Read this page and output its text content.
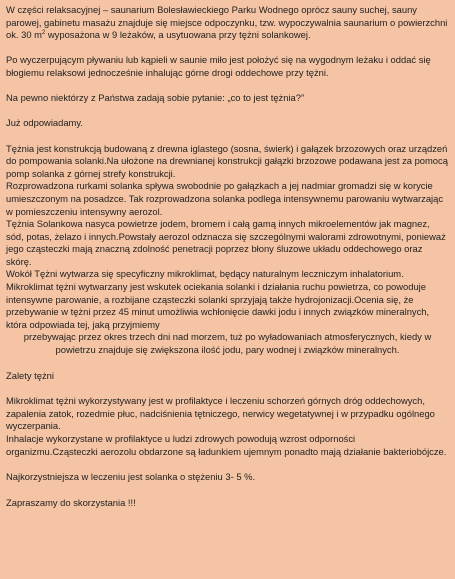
W części relaksacyjnej – saunarium Bolesławieckiego Parku Wodnego oprócz sauny suchej, sauny parowej, gabinetu masażu znajduje się miejsce odpoczynku, tzw. wypoczywalnia saunarium o powierzchni ok. 30 $m^2$ wyposażona w 9 leżaków, a usytuowana przy tężni solankowej.

Po wyczerpującym pływaniu lub kąpieli w saunie miło jest położyć się na wygodnym leżaku i oddać się błogiemu relaksowi jednocześnie inhalując górne drogi oddechowe przy tężni.

Na pewno niektórzy z Państwa zadają sobie pytanie: „co to jest tężnia?”

Już odpowiadamy.

Tężnia jest konstrukcją budowaną z drewna iglastego (sosna, świerk) i gałązek brzozowych oraz urządzeń do pompowania solanki.Na ułożone na drewnianej konstrukcji gałązki brzozowe podawana jest za pomocą pomp solanka z górnej strefy konstrukcji.

Rozprowadzona rurkami solanka spływa swobodnie po gałązkach a jej nadmiar gromadzi się w korycie umieszczonym na posadzce. Tak rozprowadzona solanka podlega intensywnemu parowaniu wytwarzając w pomieszczeniu intensywny aerozol.

Tężnia Solankowa nasyca powietrze jodem, bromem i całą gamą innych mikroelementów jak magnez, sód, potas, żelazo i innych.Powstały aerozol odznacza się szczególnymi walorami zdrowotnymi, ponieważ jego cząsteczki mają znaczną zdolność penetracji poprzez błony śluzowe układu oddechowego oraz skórę.

Wokół Tężni wytwarza się specyficzny mikroklimat, będący naturalnym leczniczym inhalatorium. Mikroklimat tężni wytwarzany jest wskutek ociekania solanki i działania ruchu powietrza, co powoduje intensywne parowanie, a rozbijane cząsteczki solanki sprzyjają także hydrojonizacji.Ocenia się, że przebywanie w tężni przez 45 minut umożliwia wchłonięcie dawki jodu i innych związków mineralnych, która odpowiada tej, jaką przyjmiemy

przebywając przez okres trzech dni nad morzem, tuż po wyładowaniach atmosferycznych, kiedy w powietrzu znajduje się zwiększona ilość jodu, pary wodnej i związków mineralnych.

Zalety tężni

Mikroklimat tężni wykorzystywany jest w profilaktyce i leczeniu schorzeń górnych dróg oddechowych, zapalenia zatok, rozedmie płuc, nadciśnienia tętniczego, nerwicy wegetatywnej i w przypadku ogólnego wyczerpania.

Inhalacje wykorzystane w profilaktyce u ludzi zdrowych powodują wzrost odporności organizmu.Cząsteczki aerozolu obdarzone są ładunkiem ujemnym ponadto mają działanie bakteriobójcze.

Najkorzystniejsza w leczeniu jest solanka o stężeniu 3- 5 %.

Zapraszamy do skorzystania !!!
